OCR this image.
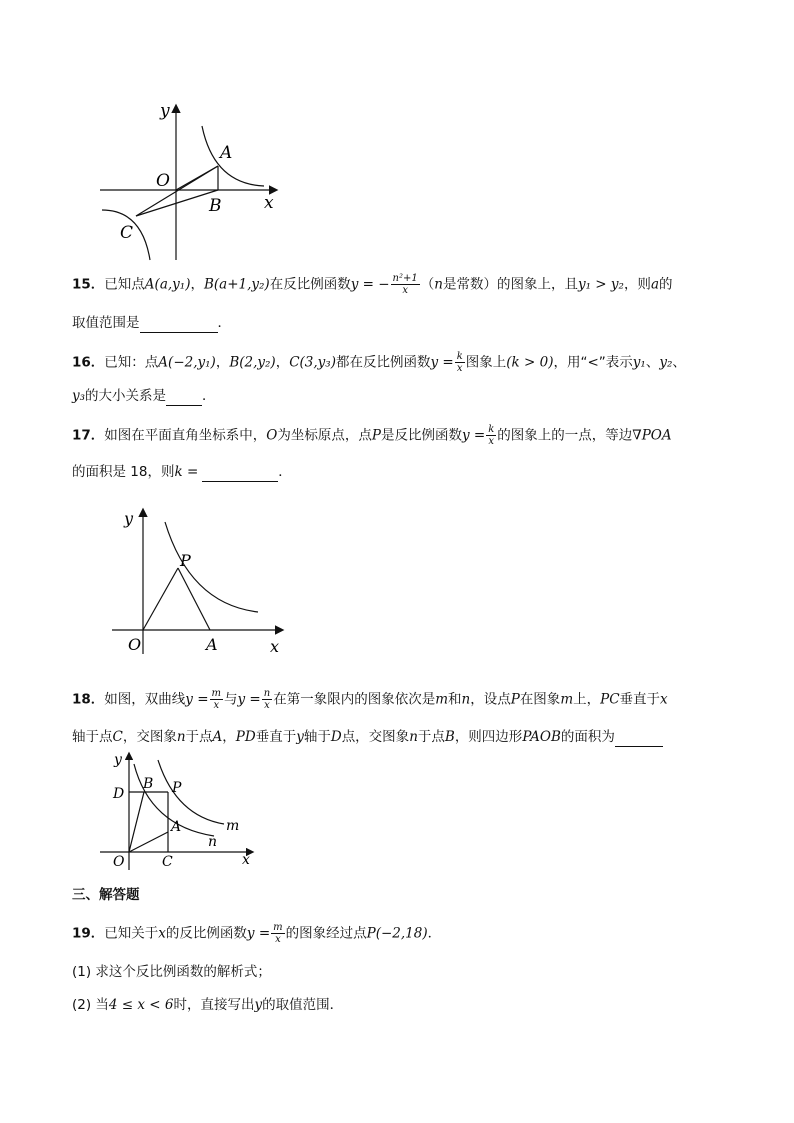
y
x
O
A
B
C
15．已知点A(a,y₁)，B(a+1,y₂)在反比例函数y = − $\frac{\text{n²+1}}{x} (n$是常数）的图象上，且y₁ > y₂，则a的
取值范围是	．
16．已知：点A(−2,y₁)，B(2,y₂)，C(3,y₃)都在反比例函数$y = \frac{k}{x}$ 图象上(k > 0)，用“<”表示y₁、y₂、
y₃的大小关系是	．
17．如图在平面直角坐标系中，O为坐标原点，点P是反比例函数$y = \frac{k}{x}$ 的图象上的一点，等边∇POA
的面积是 18，则k =	．
y
x
O
P
A
18．如图，双曲线$y = \frac{m}{x}$ 与$y = \frac{n}{x}$ 在第一象限内的图象依次是m和n，设点P在图象m上，PC垂直于x
轴于点C，交图象n于点A，PD垂直于y轴于D点，交图象n于点B，则四边形PAOB的面积为
y
x
O
D
B P
A
C
m
n
三、解答题
19．已知关于x的反比例函数$y = \frac{m}{x}$ 的图象经过点P(−2,18)．
(1) 求这个反比例函数的解析式；
(2) 当4 ≤ x < 6时，直接写出y的取值范围．
